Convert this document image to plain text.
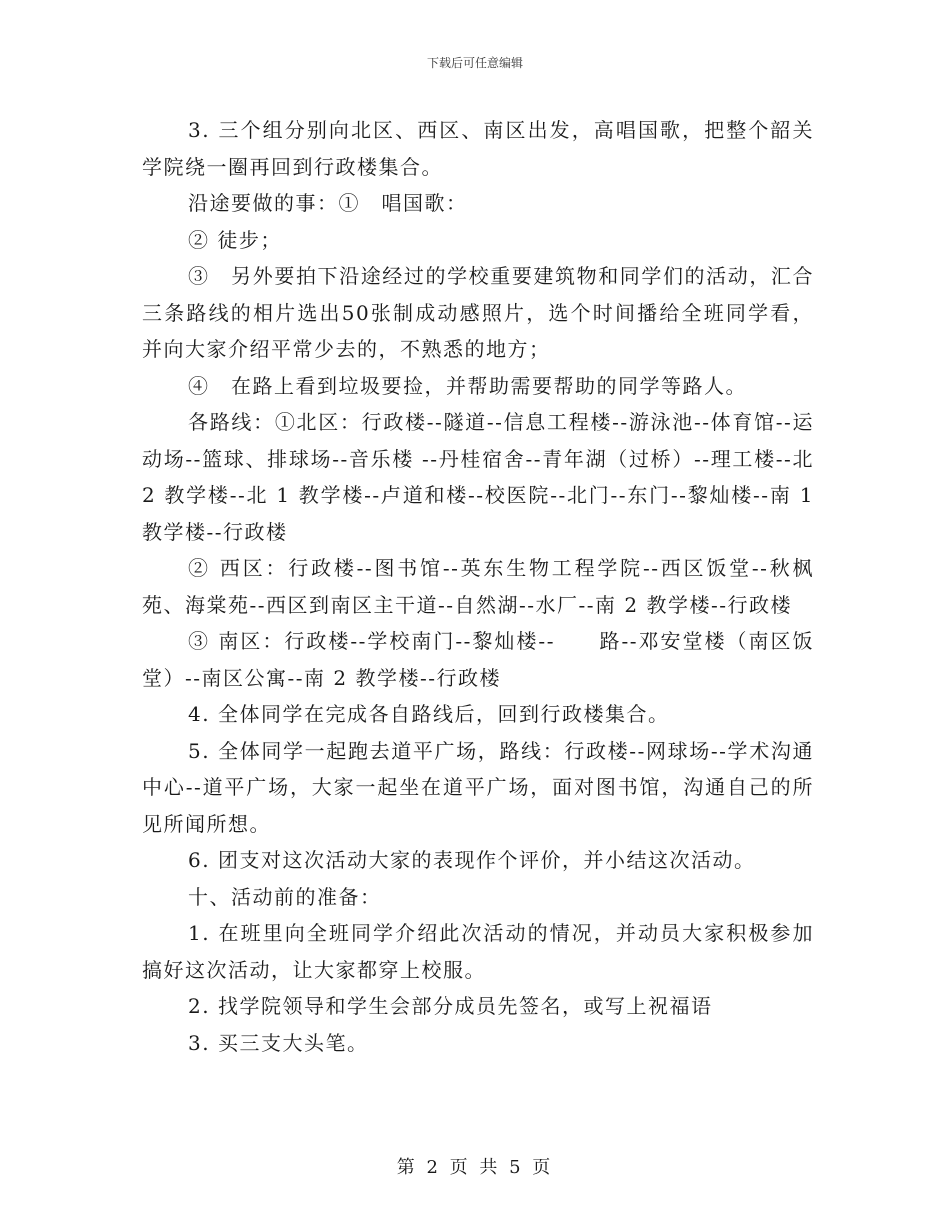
下载后可任意编辑

3. 三个组分别向北区、西区、南区出发，高唱国歌，把整个韶关学院绕一圈再回到行政楼集合。

沿途要做的事：①　唱国歌：

② 徒步；

③　另外要拍下沿途经过的学校重要建筑物和同学们的活动，汇合三条路线的相片选出50张制成动感照片，选个时间播给全班同学看，并向大家介绍平常少去的，不熟悉的地方；

④　在路上看到垃圾要捡，并帮助需要帮助的同学等路人。

各路线：①北区：行政楼--隧道--信息工程楼--游泳池--体育馆--运动场--篮球、排球场--音乐楼 --丹桂宿舍--青年湖（过桥）--理工楼--北 2 教学楼--北 1 教学楼--卢道和楼--校医院--北门--东门--黎灿楼--南 1 教学楼--行政楼

② 西区：行政楼--图书馆--英东生物工程学院--西区饭堂--秋枫苑、海棠苑--西区到南区主干道--自然湖--水厂--南 2 教学楼--行政楼

③ 南区：行政楼--学校南门--黎灿楼--　　路--邓安堂楼（南区饭堂）--南区公寓--南 2 教学楼--行政楼

4. 全体同学在完成各自路线后，回到行政楼集合。

5. 全体同学一起跑去道平广场，路线：行政楼--网球场--学术沟通中心--道平广场，大家一起坐在道平广场，面对图书馆，沟通自己的所见所闻所想。

6. 团支对这次活动大家的表现作个评价，并小结这次活动。

十、活动前的准备：

1. 在班里向全班同学介绍此次活动的情况，并动员大家积极参加搞好这次活动，让大家都穿上校服。

2. 找学院领导和学生会部分成员先签名，或写上祝福语

3. 买三支大头笔。

第 2 页 共 5 页
